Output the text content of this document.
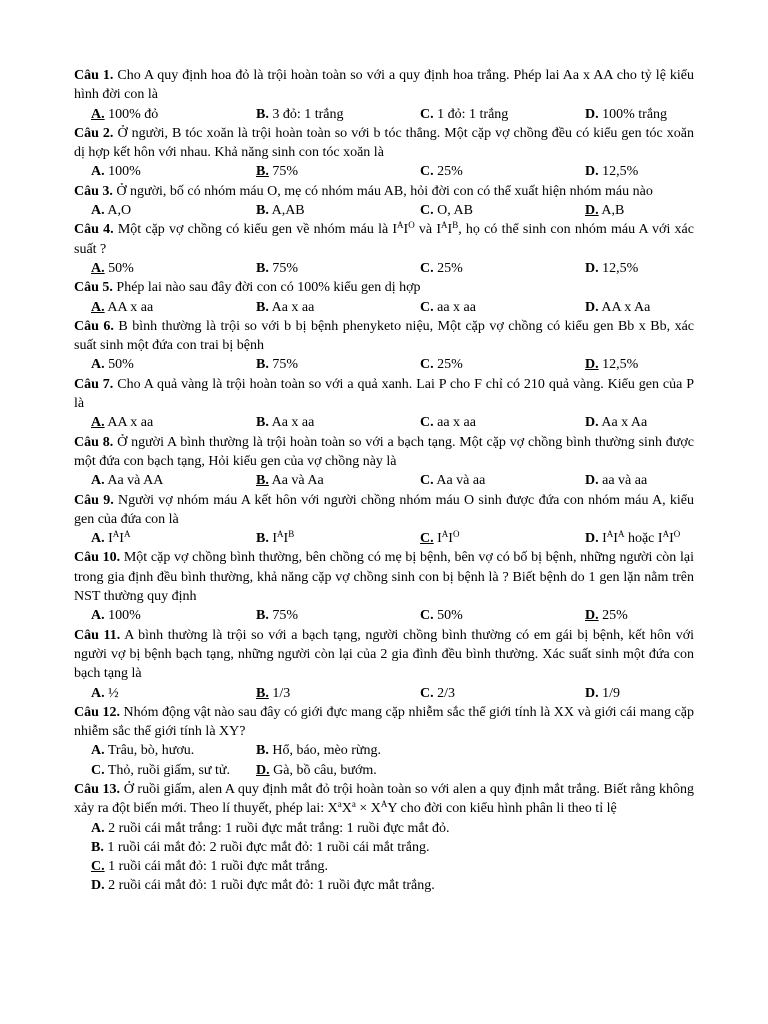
Câu 1. Cho A quy định hoa đỏ là trội hoàn toàn so với a quy định hoa trắng. Phép lai Aa x AA cho tỷ lệ kiểu hình đời con là
A. 100% đỏ	B. 3 đỏ: 1 trắng	C. 1 đỏ: 1 trắng	D. 100% trắng
Câu 2. Ở người, B tóc xoăn là trội hoàn toàn so với b tóc thẳng. Một cặp vợ chồng đều có kiểu gen tóc xoăn dị hợp kết hôn với nhau. Khả năng sinh con tóc xoăn là
A. 100%	B. 75%	C. 25%	D. 12,5%
Câu 3. Ở người, bố có nhóm máu O, mẹ có nhóm máu AB, hỏi đời con có thể xuất hiện nhóm máu nào
A. A,O	B. A,AB	C. O, AB	D. A,B
Câu 4. Một cặp vợ chồng có kiểu gen về nhóm máu là $I^AI^O$ và $I^AI^B$, họ có thể sinh con nhóm máu A với xác suất ?
A. 50%	B. 75%	C. 25%	D. 12,5%
Câu 5. Phép lai nào sau đây đời con có 100% kiểu gen dị hợp
A. AA x aa	B. Aa x aa	C. aa x aa	D. AA x Aa
Câu 6. B bình thường là trội so với b bị bệnh phenyketo niệu, Một cặp vợ chồng có kiểu gen Bb x Bb, xác suất sinh một đứa con trai bị bệnh
A. 50%	B. 75%	C. 25%	D. 12,5%
Câu 7. Cho A quả vàng là trội hoàn toàn so với a quả xanh. Lai P cho F chỉ có 210 quả vàng. Kiểu gen của P là
A. AA x aa	B. Aa x aa	C. aa x aa	D. Aa x Aa
Câu 8. Ở người A bình thường là trội hoàn toàn so với a bạch tạng. Một cặp vợ chồng bình thường sinh được một đứa con bạch tạng, Hỏi kiểu gen của vợ chồng này là
A. Aa và AA	B. Aa và Aa	C. Aa và aa	D. aa và aa
Câu 9. Người vợ nhóm máu A kết hôn với người chồng nhóm máu O sinh được đứa con nhóm máu A, kiểu gen của đứa con là
A. $I^AI^A$	B. $I^AI^B$	C. $I^AI^O$	D. $I^AI^A$ hoặc $I^AI^O$
Câu 10. Một cặp vợ chồng bình thường, bên chồng có mẹ bị bệnh, bên vợ có bố bị bệnh, những người còn lại trong gia định đều bình thường, khả năng cặp vợ chồng sinh con bị bệnh là ? Biết bệnh do 1 gen lặn nằm trên NST thường quy định
A. 100%	B. 75%	C. 50%	D. 25%
Câu 11. A bình thường là trội so với a bạch tạng, người chồng bình thường có em gái bị bệnh, kết hôn với người vợ bị bệnh bạch tạng, những người còn lại của 2 gia đình đều bình thường. Xác suất sinh một đứa con bạch tạng là
A. ½	B. 1/3	C. 2/3	D. 1/9
Câu 12. Nhóm động vật nào sau đây có giới đực mang cặp nhiễm sắc thể giới tính là XX và giới cái mang cặp nhiễm sắc thể giới tính là XY?
A. Trâu, bò, hươu.	B. Hổ, báo, mèo rừng.
C. Thỏ, ruồi giấm, sư tử. D. Gà, bồ câu, bướm.
Câu 13. Ở ruồi giấm, alen A quy định mắt đỏ trội hoàn toàn so với alen a quy định mắt trắng. Biết rằng không xảy ra đột biến mới. Theo lí thuyết, phép lai: $X^aX^a \times X^AY$ cho đời con kiểu hình phân li theo tỉ lệ
A. 2 ruồi cái mắt trắng: 1 ruồi đực mắt trắng: 1 ruồi đực mắt đỏ.
B. 1 ruồi cái mắt đỏ: 2 ruồi đực mắt đỏ: 1 ruồi cái mắt trắng.
C. 1 ruồi cái mắt đỏ: 1 ruồi đực mắt trắng.
D. 2 ruồi cái mắt đỏ: 1 ruồi đực mắt đỏ: 1 ruồi đực mắt trắng.
